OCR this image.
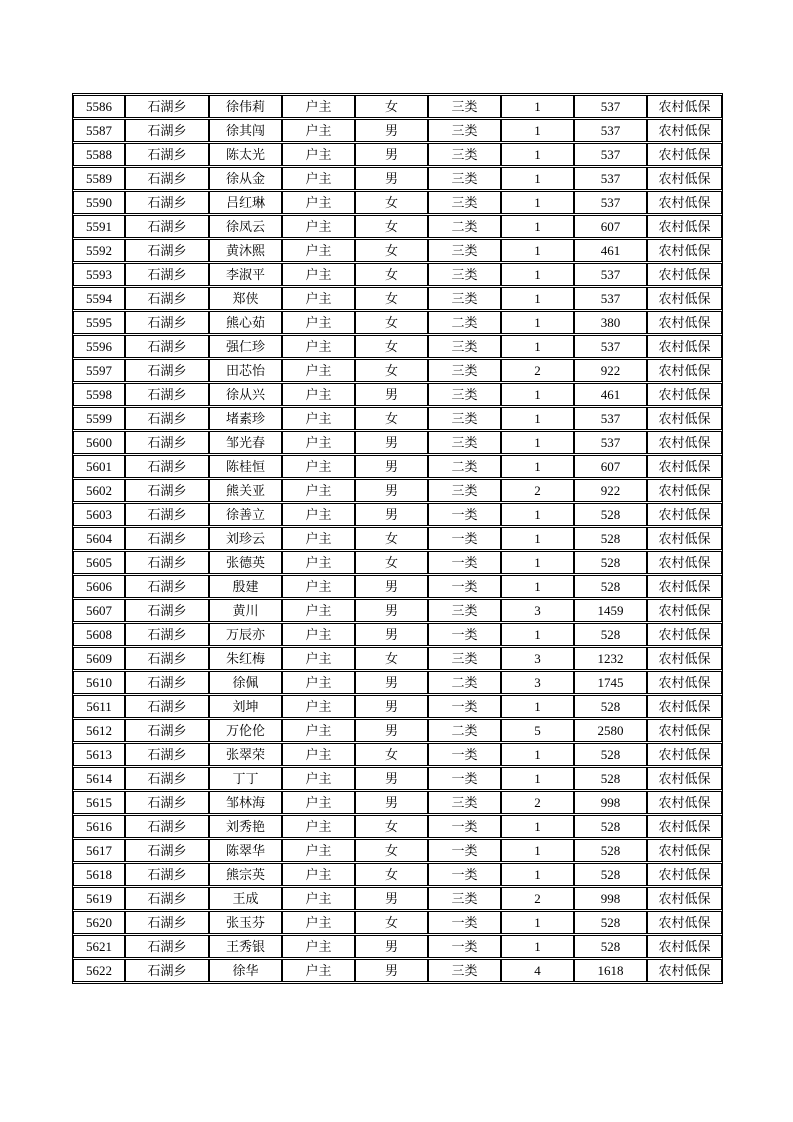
5586	石湖乡	徐伟莉	户主	女	三类	1	537	农村低保
5587	石湖乡	徐其闯	户主	男	三类	1	537	农村低保
5588	石湖乡	陈太光	户主	男	三类	1	537	农村低保
5589	石湖乡	徐从金	户主	男	三类	1	537	农村低保
5590	石湖乡	吕红琳	户主	女	三类	1	537	农村低保
5591	石湖乡	徐凤云	户主	女	二类	1	607	农村低保
5592	石湖乡	黄沐熙	户主	女	三类	1	461	农村低保
5593	石湖乡	李淑平	户主	女	三类	1	537	农村低保
5594	石湖乡	郑侠	户主	女	三类	1	537	农村低保
5595	石湖乡	熊心茹	户主	女	二类	1	380	农村低保
5596	石湖乡	强仁珍	户主	女	三类	1	537	农村低保
5597	石湖乡	田芯怡	户主	女	三类	2	922	农村低保
5598	石湖乡	徐从兴	户主	男	三类	1	461	农村低保
5599	石湖乡	堵素珍	户主	女	三类	1	537	农村低保
5600	石湖乡	邹光春	户主	男	三类	1	537	农村低保
5601	石湖乡	陈桂恒	户主	男	二类	1	607	农村低保
5602	石湖乡	熊关亚	户主	男	三类	2	922	农村低保
5603	石湖乡	徐善立	户主	男	一类	1	528	农村低保
5604	石湖乡	刘珍云	户主	女	一类	1	528	农村低保
5605	石湖乡	张德英	户主	女	一类	1	528	农村低保
5606	石湖乡	殷建	户主	男	一类	1	528	农村低保
5607	石湖乡	黄川	户主	男	三类	3	1459	农村低保
5608	石湖乡	万辰亦	户主	男	一类	1	528	农村低保
5609	石湖乡	朱红梅	户主	女	三类	3	1232	农村低保
5610	石湖乡	徐佩	户主	男	二类	3	1745	农村低保
5611	石湖乡	刘坤	户主	男	一类	1	528	农村低保
5612	石湖乡	万伦伦	户主	男	二类	5	2580	农村低保
5613	石湖乡	张翠荣	户主	女	一类	1	528	农村低保
5614	石湖乡	丁丁	户主	男	一类	1	528	农村低保
5615	石湖乡	邹林海	户主	男	三类	2	998	农村低保
5616	石湖乡	刘秀艳	户主	女	一类	1	528	农村低保
5617	石湖乡	陈翠华	户主	女	一类	1	528	农村低保
5618	石湖乡	熊宗英	户主	女	一类	1	528	农村低保
5619	石湖乡	王成	户主	男	三类	2	998	农村低保
5620	石湖乡	张玉芬	户主	女	一类	1	528	农村低保
5621	石湖乡	王秀银	户主	男	一类	1	528	农村低保
5622	石湖乡	徐华	户主	男	三类	4	1618	农村低保
